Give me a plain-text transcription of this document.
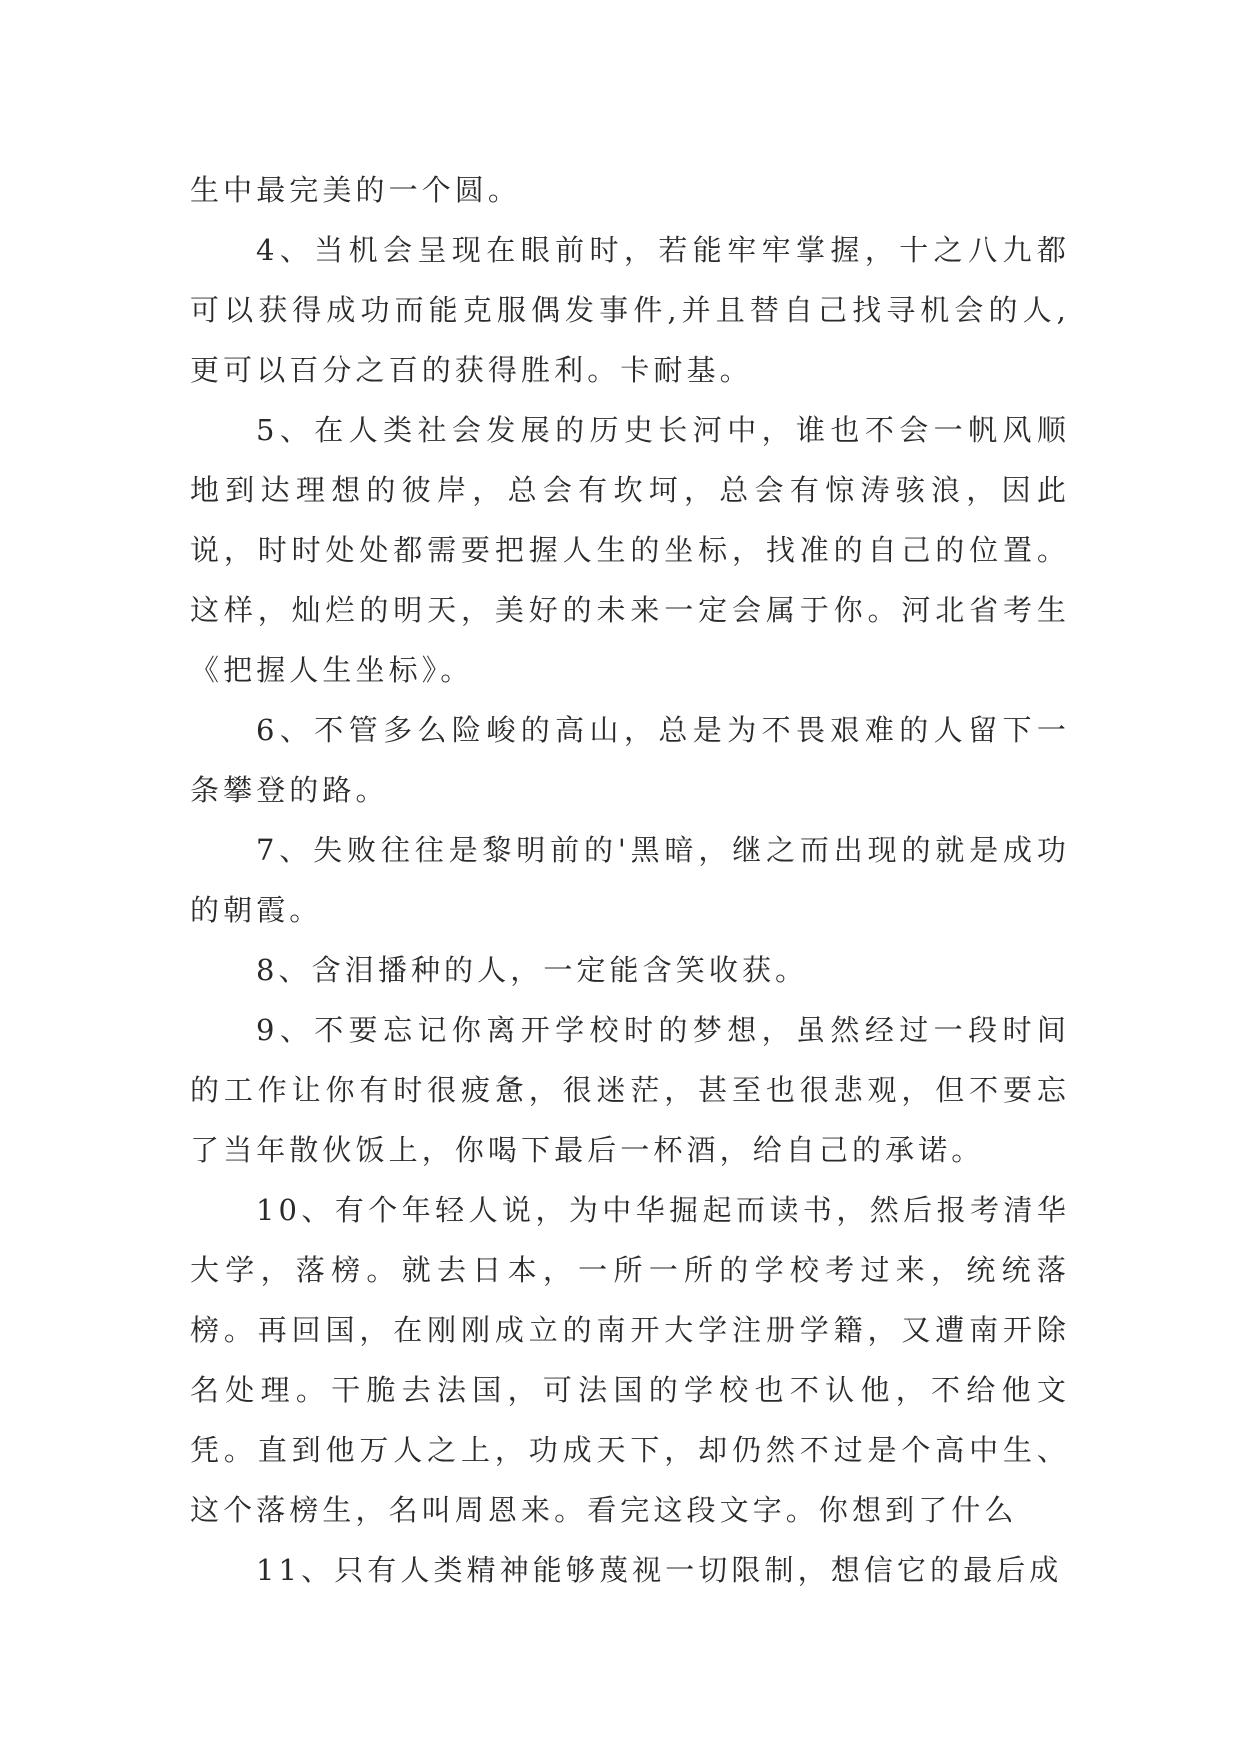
生中最完美的一个圆。

4、当机会呈现在眼前时，若能牢牢掌握，十之八九都可以获得成功而能克服偶发事件,并且替自己找寻机会的人,更可以百分之百的获得胜利。卡耐基。

5、在人类社会发展的历史长河中，谁也不会一帆风顺地到达理想的彼岸，总会有坎坷，总会有惊涛骇浪，因此说，时时处处都需要把握人生的坐标，找准的自己的位置。这样，灿烂的明天，美好的未来一定会属于你。河北省考生《把握人生坐标》。

6、不管多么险峻的高山，总是为不畏艰难的人留下一条攀登的路。

7、失败往往是黎明前的'黑暗，继之而出现的就是成功的朝霞。

8、含泪播种的人，一定能含笑收获。

9、不要忘记你离开学校时的梦想，虽然经过一段时间的工作让你有时很疲惫，很迷茫，甚至也很悲观，但不要忘了当年散伙饭上，你喝下最后一杯酒，给自己的承诺。

10、有个年轻人说，为中华掘起而读书，然后报考清华大学，落榜。就去日本，一所一所的学校考过来，统统落榜。再回国，在刚刚成立的南开大学注册学籍，又遭南开除名处理。干脆去法国，可法国的学校也不认他，不给他文凭。直到他万人之上，功成天下，却仍然不过是个高中生、这个落榜生，名叫周恩来。看完这段文字。你想到了什么

11、只有人类精神能够蔑视一切限制，想信它的最后成
